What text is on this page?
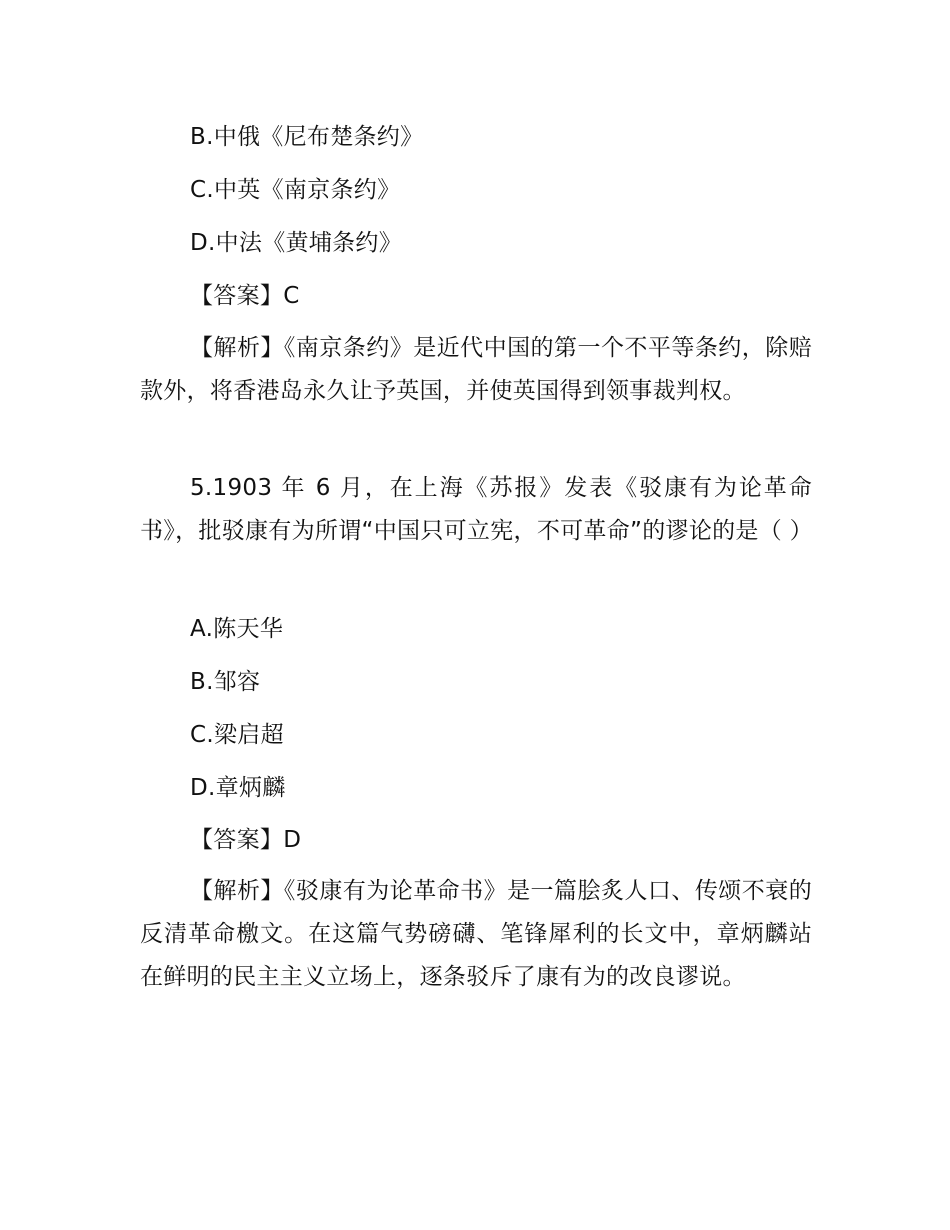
B.中俄《尼布楚条约》
C.中英《南京条约》
D.中法《黄埔条约》
【答案】C
【解析】《南京条约》是近代中国的第一个不平等条约，除赔款外，将香港岛永久让予英国，并使英国得到领事裁判权。
5.1903 年 6 月，在上海《苏报》发表《驳康有为论革命书》，批驳康有为所谓“中国只可立宪，不可革命”的谬论的是（ ）
A.陈天华
B.邹容
C.梁启超
D.章炳麟
【答案】D
【解析】《驳康有为论革命书》是一篇脍炙人口、传颂不衰的反清革命檄文。在这篇气势磅礴、笔锋犀利的长文中，章炳麟站在鲜明的民主主义立场上，逐条驳斥了康有为的改良谬说。
